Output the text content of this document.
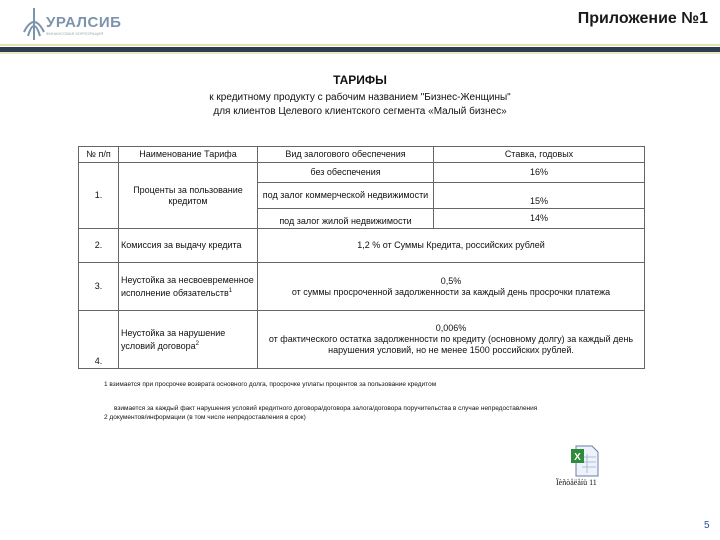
УРАЛСИБ
ФИНАНСОВАЯ КОРПОРАЦИЯ
Приложение №1
ТАРИФЫ
к кредитному продукту с рабочим названием "Бизнес-Женщины"
для клиентов Целевого клиентского сегмента «Малый бизнес»
№ п/п	Наименование Тарифа	Вид залогового обеспечения	Ставка, годовых
1.	Проценты за пользование кредитом	без обеспечения	16%
		под залог коммерческой недвижимости	15%
		под залог жилой недвижимости	14%
2.	Комиссия за выдачу кредита	1,2 % от Суммы Кредита, российских рублей	
3.	Неустойка за несвоевременное исполнение обязательств$^1$	0,5%
от суммы просроченной задолженности за каждый день просрочки платежа	

4.	Неустойка за нарушение условий договора$^2$	0,006%
от фактического остатка задолженности по кредиту (основному долгу) за каждый день нарушения условий, но не менее 1500 российских рублей.	
1 взимается при просрочке возврата основного долга, просрочке уплаты процентов за пользование кредитом
взимается за каждый факт нарушения условий кредитного договора/договора залога/договора поручительства в случае непредоставления
2 документов/информации (в том числе непредоставления в срок)
X
Ïèñòåëåíü 11
5
